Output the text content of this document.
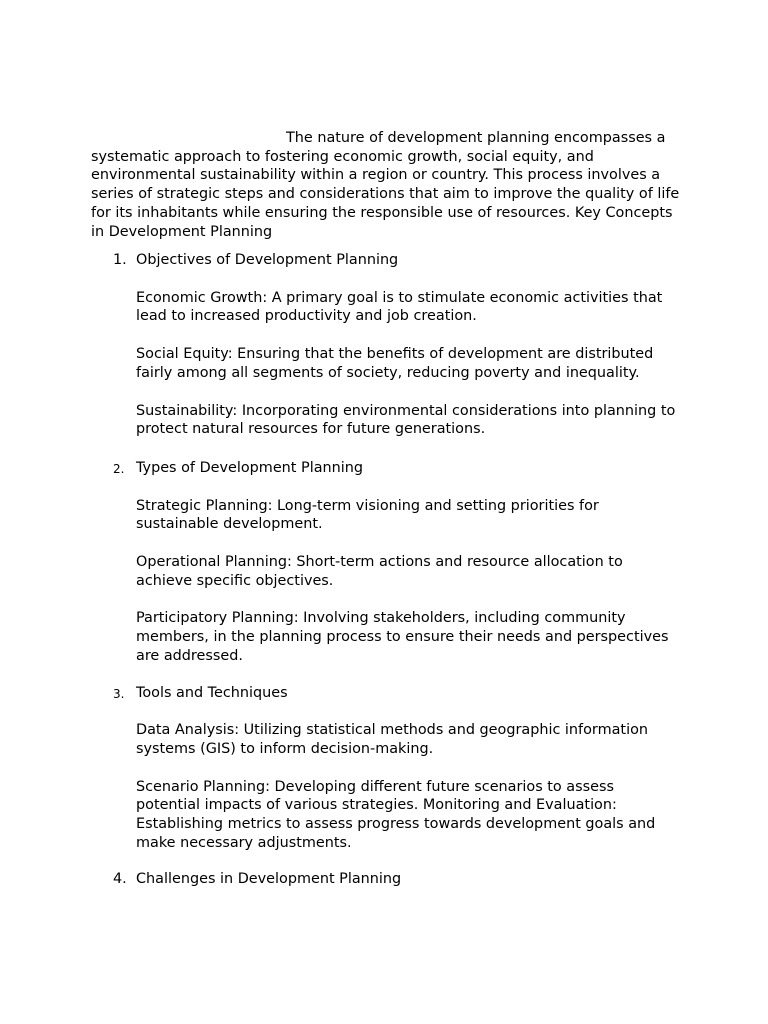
The nature of development planning encompasses a systematic approach to fostering economic growth, social equity, and environmental sustainability within a region or country. This process involves a series of strategic steps and considerations that aim to improve the quality of life for its inhabitants while ensuring the responsible use of resources. Key Concepts in Development Planning

1. Objectives of Development Planning

Economic Growth: A primary goal is to stimulate economic activities that lead to increased productivity and job creation.

Social Equity: Ensuring that the benefits of development are distributed fairly among all segments of society, reducing poverty and inequality.

Sustainability: Incorporating environmental considerations into planning to protect natural resources for future generations.

2. Types of Development Planning

Strategic Planning: Long-term visioning and setting priorities for sustainable development.

Operational Planning: Short-term actions and resource allocation to achieve specific objectives.

Participatory Planning: Involving stakeholders, including community members, in the planning process to ensure their needs and perspectives are addressed.

3. Tools and Techniques

Data Analysis: Utilizing statistical methods and geographic information systems (GIS) to inform decision-making.

Scenario Planning: Developing different future scenarios to assess potential impacts of various strategies. Monitoring and Evaluation: Establishing metrics to assess progress towards development goals and make necessary adjustments.

4. Challenges in Development Planning
